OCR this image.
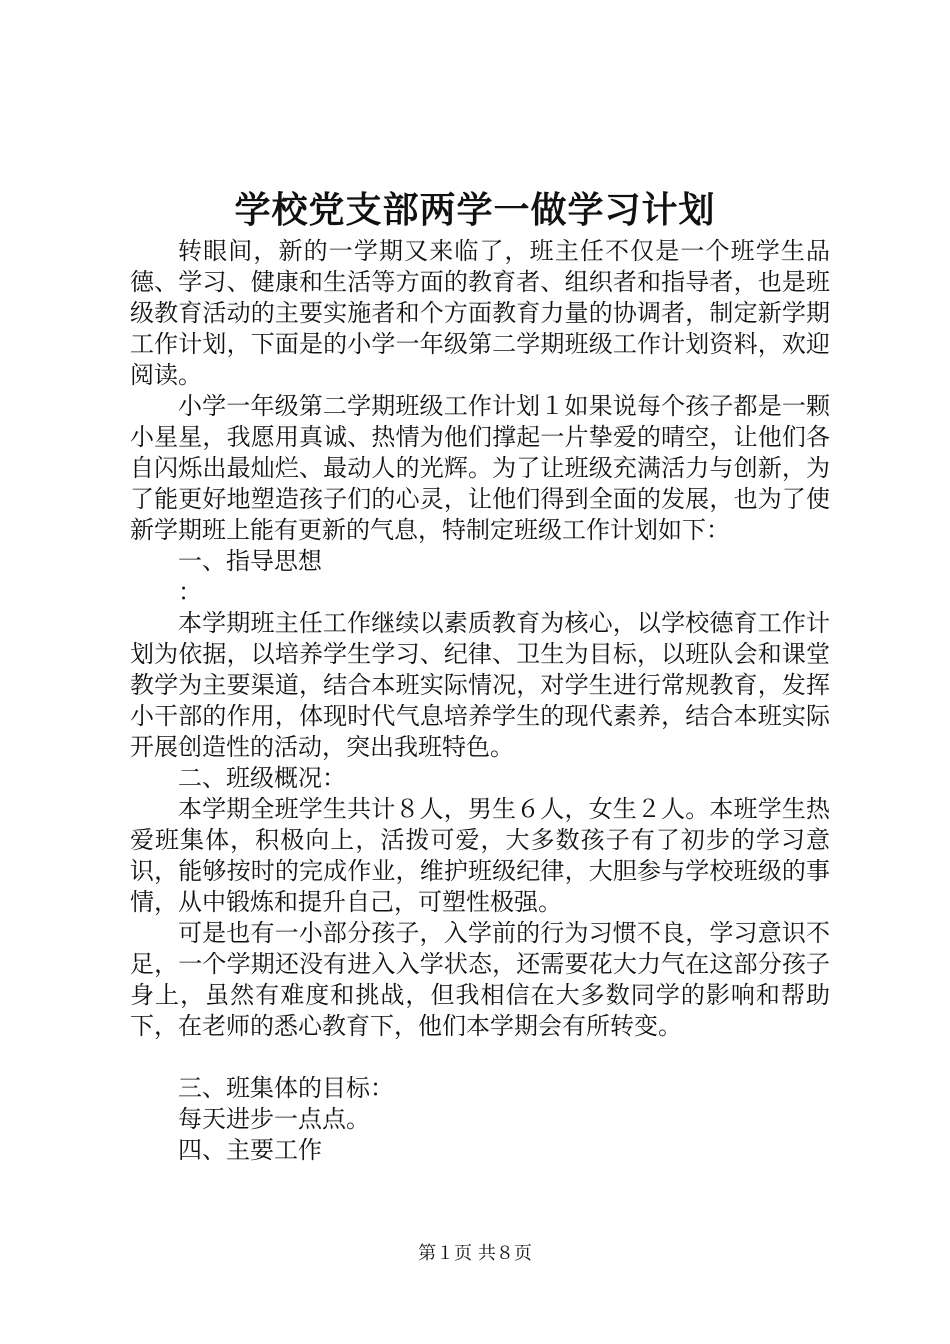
学校党支部两学一做学习计划

转眼间，新的一学期又来临了，班主任不仅是一个班学生品德、学习、健康和生活等方面的教育者、组织者和指导者，也是班级教育活动的主要实施者和个方面教育力量的协调者，制定新学期工作计划，下面是的小学一年级第二学期班级工作计划资料，欢迎阅读。

小学一年级第二学期班级工作计划１如果说每个孩子都是一颗小星星，我愿用真诚、热情为他们撑起一片挚爱的晴空，让他们各自闪烁出最灿烂、最动人的光辉。为了让班级充满活力与创新，为了能更好地塑造孩子们的心灵，让他们得到全面的发展，也为了使新学期班上能有更新的气息，特制定班级工作计划如下：

一、指导思想

：

本学期班主任工作继续以素质教育为核心，以学校德育工作计划为依据，以培养学生学习、纪律、卫生为目标，以班队会和课堂教学为主要渠道，结合本班实际情况，对学生进行常规教育，发挥小干部的作用，体现时代气息培养学生的现代素养，结合本班实际开展创造性的活动，突出我班特色。

二、班级概况：

本学期全班学生共计８人，男生６人，女生２人。本班学生热爱班集体，积极向上，活拨可爱，大多数孩子有了初步的学习意识，能够按时的完成作业，维护班级纪律，大胆参与学校班级的事情，从中锻炼和提升自己，可塑性极强。

可是也有一小部分孩子，入学前的行为习惯不良，学习意识不足，一个学期还没有进入入学状态，还需要花大力气在这部分孩子身上，虽然有难度和挑战，但我相信在大多数同学的影响和帮助下，在老师的悉心教育下，他们本学期会有所转变。

三、班集体的目标：

每天进步一点点。

四、主要工作

第１页 共８页
